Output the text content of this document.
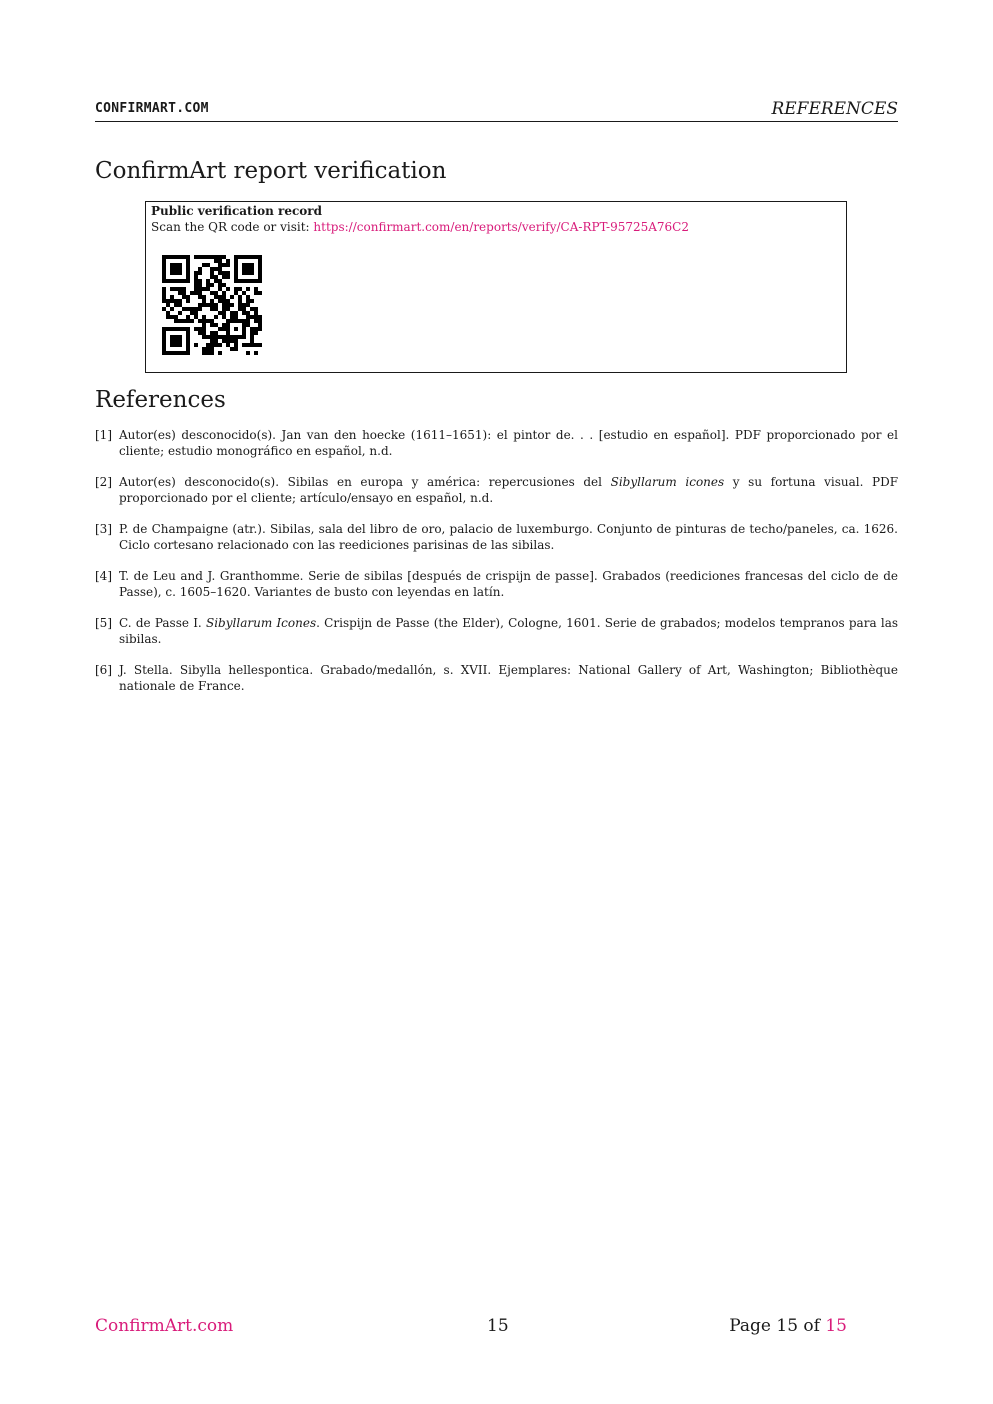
CONFIRMART.COM	REFERENCES
ConfirmArt report verification
Public verification record
Scan the QR code or visit: https://confirmart.com/en/reports/verify/CA-RPT-95725A76C2
References
[1] Autor(es) desconocido(s). Jan van den hoecke (1611–1651): el pintor de. . . [estudio en español]. PDF proporcionado por el cliente; estudio monográfico en español, n.d.
[2] Autor(es) desconocido(s). Sibilas en europa y américa: repercusiones del Sibyllarum icones y su fortuna visual. PDF proporcionado por el cliente; artículo/ensayo en español, n.d.
[3] P. de Champaigne (atr.). Sibilas, sala del libro de oro, palacio de luxemburgo. Conjunto de pinturas de techo/paneles, ca. 1626. Ciclo cortesano relacionado con las reediciones parisinas de las sibilas.
[4] T. de Leu and J. Granthomme. Serie de sibilas [después de crispijn de passe]. Grabados (reediciones francesas del ciclo de de Passe), c. 1605–1620. Variantes de busto con leyendas en latín.
[5] C. de Passe I. Sibyllarum Icones. Crispijn de Passe (the Elder), Cologne, 1601. Serie de grabados; modelos tempranos para las sibilas.
[6] J. Stella. Sibylla hellespontica. Grabado/medallón, s. XVII. Ejemplares: National Gallery of Art, Washington; Bibliothèque nationale de France.
ConfirmArt.com	15	Page 15 of 15
